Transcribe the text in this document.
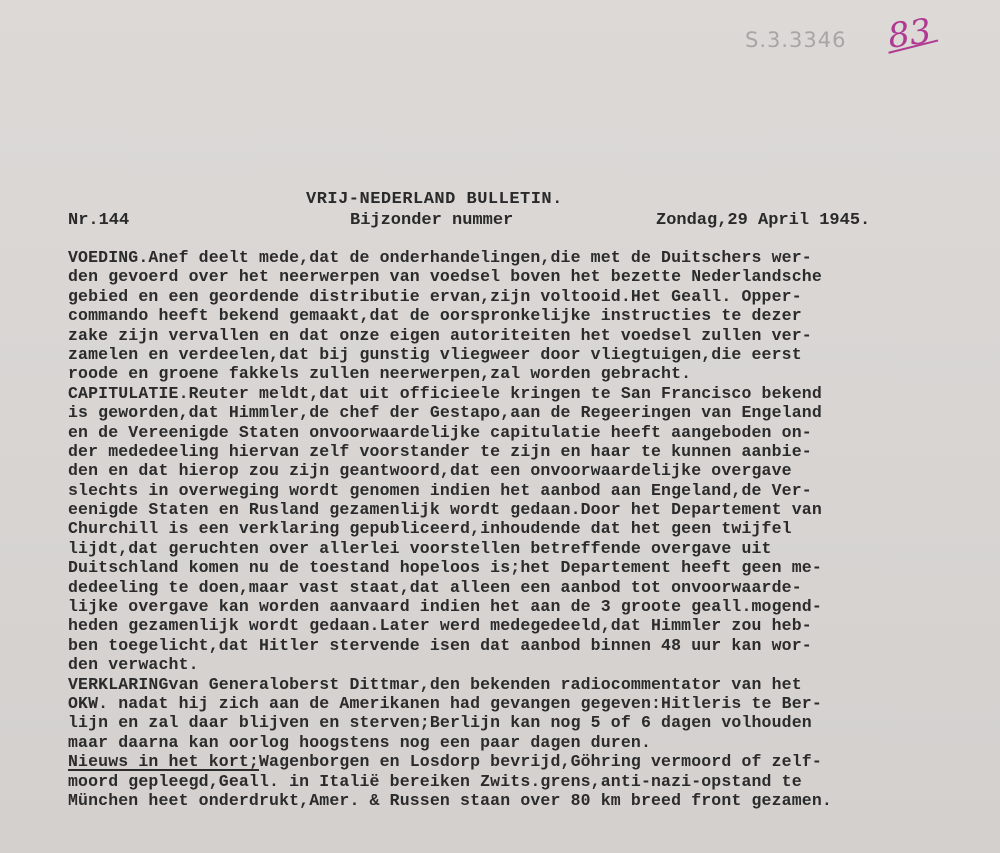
S.3.3346 83
VRIJ-NEDERLAND BULLETIN.
Nr.144	Bijzonder nummer	Zondag,29 April 1945.
VOEDING.Anef deelt mede,dat de onderhandelingen,die met de Duitschers wer-
den gevoerd over het neerwerpen van voedsel boven het bezette Nederlandsche
gebied en een geordende distributie ervan,zijn voltooid.Het Geall. Opper-
commando heeft bekend gemaakt,dat de oorspronkelijke instructies te dezer
zake zijn vervallen en dat onze eigen autoriteiten het voedsel zullen ver-
zamelen en verdeelen,dat bij gunstig vliegweer door vliegtuigen,die eerst
roode en groene fakkels zullen neerwerpen,zal worden gebracht.
CAPITULATIE.Reuter meldt,dat uit officieele kringen te San Francisco bekend
is geworden,dat Himmler,de chef der Gestapo,aan de Regeeringen van Engeland
en de Vereenigde Staten onvoorwaardelijke capitulatie heeft aangeboden on-
der mededeeling hiervan zelf voorstander te zijn en haar te kunnen aanbie-
den en dat hierop zou zijn geantwoord,dat een onvoorwaardelijke overgave
slechts in overweging wordt genomen indien het aanbod aan Engeland,de Ver-
eenigde Staten en Rusland gezamenlijk wordt gedaan.Door het Departement van
Churchill is een verklaring gepubliceerd,inhoudende dat het geen twijfel
lijdt,dat geruchten over allerlei voorstellen betreffende overgave uit
Duitschland komen nu de toestand hopeloos is;het Departement heeft geen me-
dedeeling te doen,maar vast staat,dat alleen een aanbod tot onvoorwaarde-
lijke overgave kan worden aanvaard indien het aan de 3 groote geall.mogend-
heden gezamenlijk wordt gedaan.Later werd medegedeeld,dat Himmler zou heb-
ben toegelicht,dat Hitler stervende isen dat aanbod binnen 48 uur kan wor-
den verwacht.
VERKLARINGvan Generaloberst Dittmar,den bekenden radiocommentator van het
OKW. nadat hij zich aan de Amerikanen had gevangen gegeven:Hitleris te Ber-
lijn en zal daar blijven en sterven;Berlijn kan nog 5 of 6 dagen volhouden
maar daarna kan oorlog hoogstens nog een paar dagen duren.
Nieuws in het kort;Wagenborgen en Losdorp bevrijd,Göhring vermoord of zelf-
moord gepleegd,Geall. in Italië bereiken Zwits.grens,anti-nazi-opstand te
München heet onderdrukt,Amer. & Russen staan over 80 km breed front gezamen.
